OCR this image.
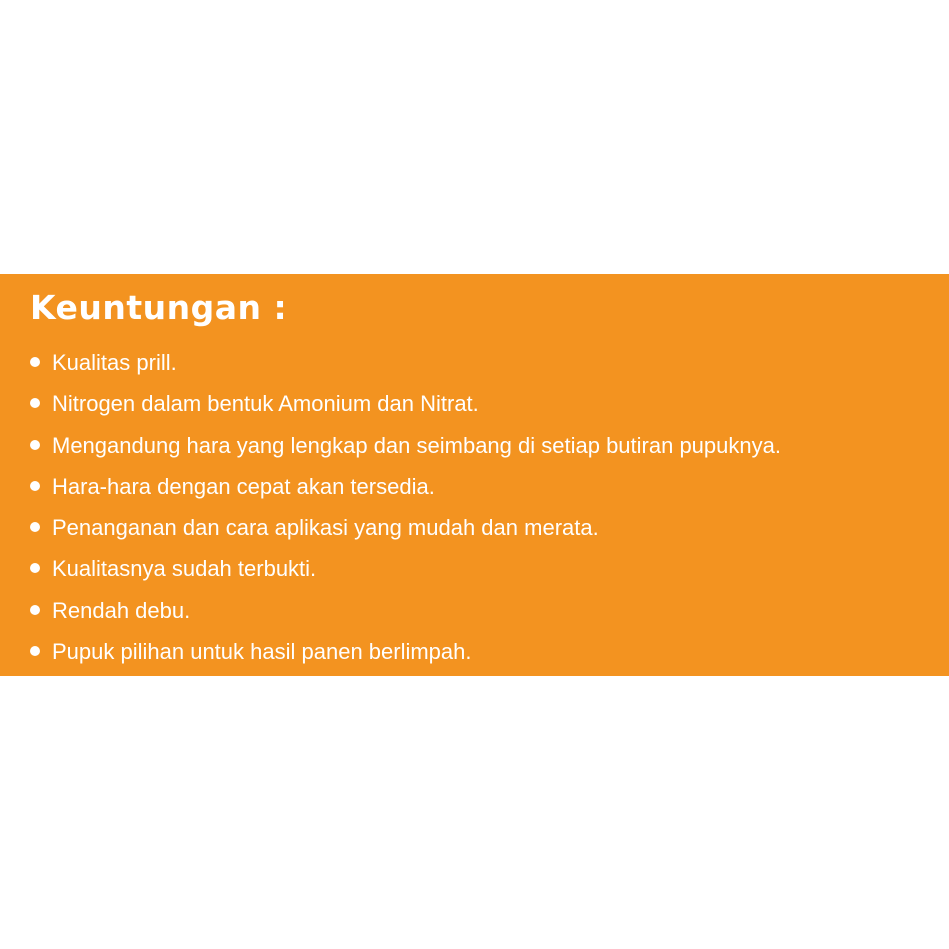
Keuntungan :
Kualitas prill.
Nitrogen dalam bentuk Amonium dan Nitrat.
Mengandung hara yang lengkap dan seimbang di setiap butiran pupuknya.
Hara-hara dengan cepat akan tersedia.
Penanganan dan cara aplikasi yang mudah dan merata.
Kualitasnya sudah terbukti.
Rendah debu.
Pupuk pilihan untuk hasil panen berlimpah.
